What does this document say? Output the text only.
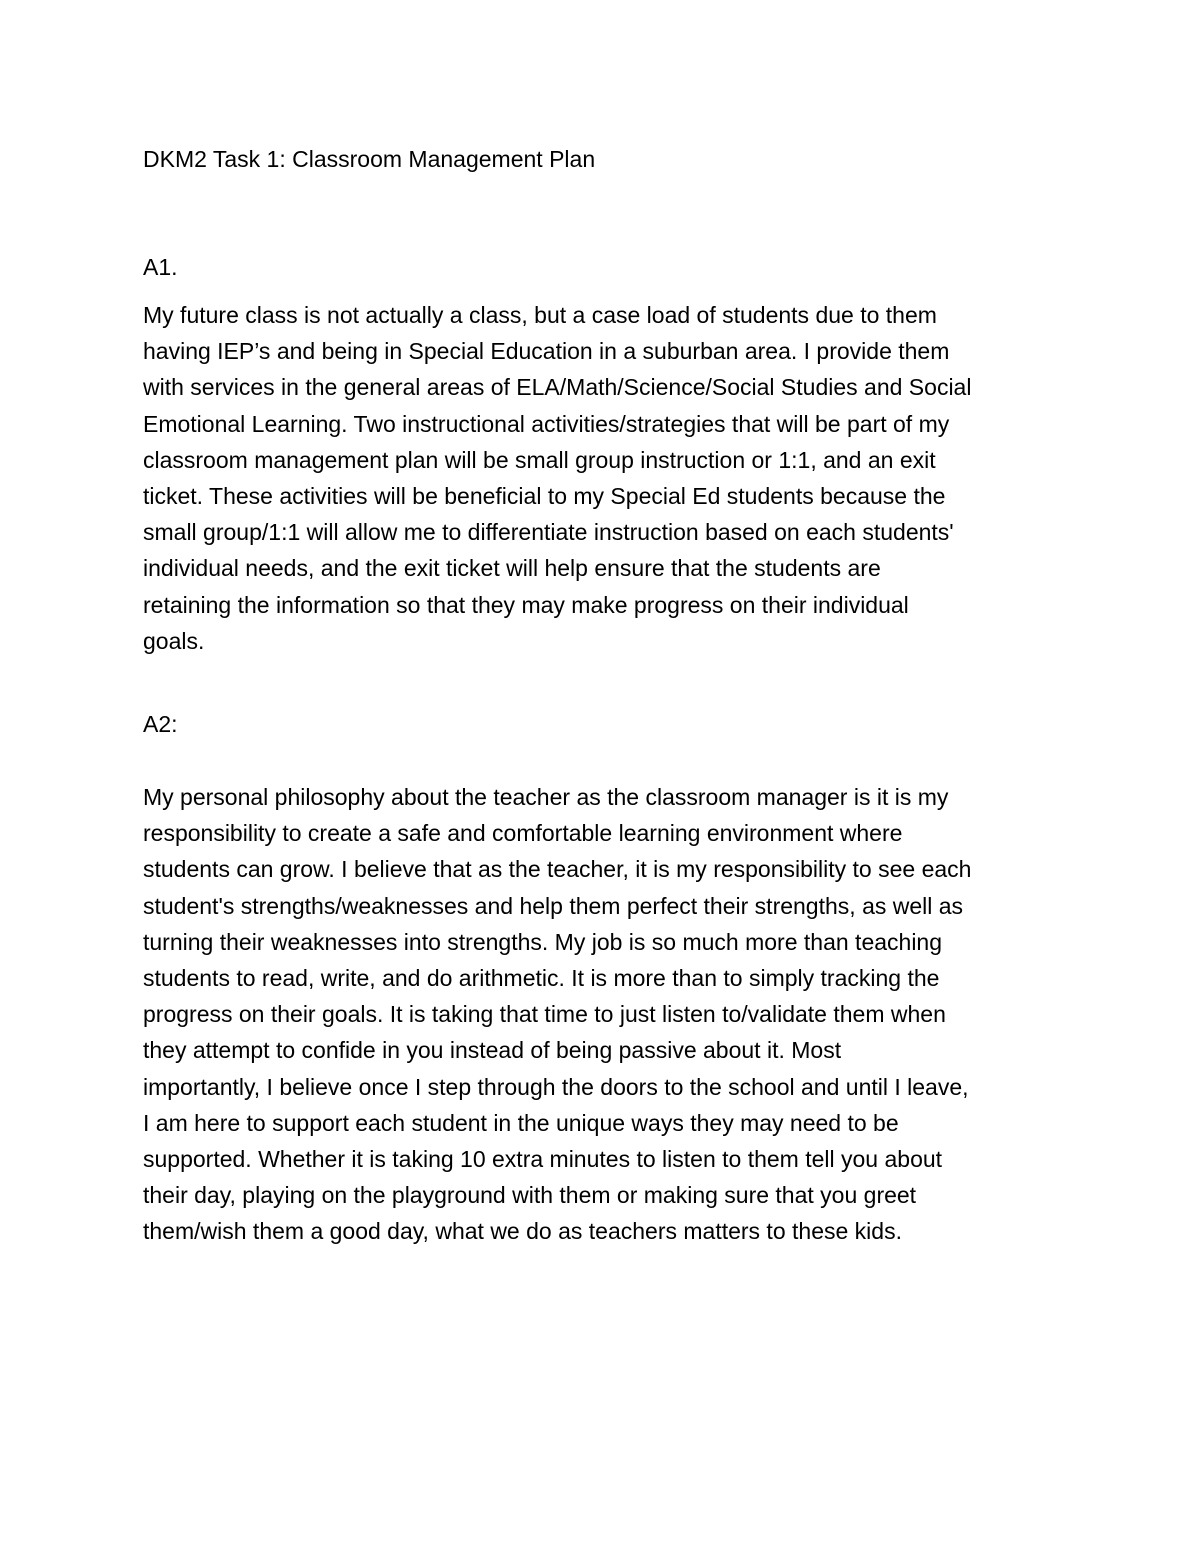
DKM2 Task 1: Classroom Management Plan

A1.

My future class is not actually a class, but a case load of students due to them
having IEP’s and being in Special Education in a suburban area. I provide them
with services in the general areas of ELA/Math/Science/Social Studies and Social
Emotional Learning. Two instructional activities/strategies that will be part of my
classroom management plan will be small group instruction or 1:1, and an exit
ticket. These activities will be beneficial to my Special Ed students because the
small group/1:1 will allow me to differentiate instruction based on each students'
individual needs, and the exit ticket will help ensure that the students are
retaining the information so that they may make progress on their individual
goals.

A2:

My personal philosophy about the teacher as the classroom manager is it is my
responsibility to create a safe and comfortable learning environment where
students can grow. I believe that as the teacher, it is my responsibility to see each
student's strengths/weaknesses and help them perfect their strengths, as well as
turning their weaknesses into strengths. My job is so much more than teaching
students to read, write, and do arithmetic. It is more than to simply tracking the
progress on their goals. It is taking that time to just listen to/validate them when
they attempt to confide in you instead of being passive about it. Most
importantly, I believe once I step through the doors to the school and until I leave,
I am here to support each student in the unique ways they may need to be
supported. Whether it is taking 10 extra minutes to listen to them tell you about
their day, playing on the playground with them or making sure that you greet
them/wish them a good day, what we do as teachers matters to these kids.
